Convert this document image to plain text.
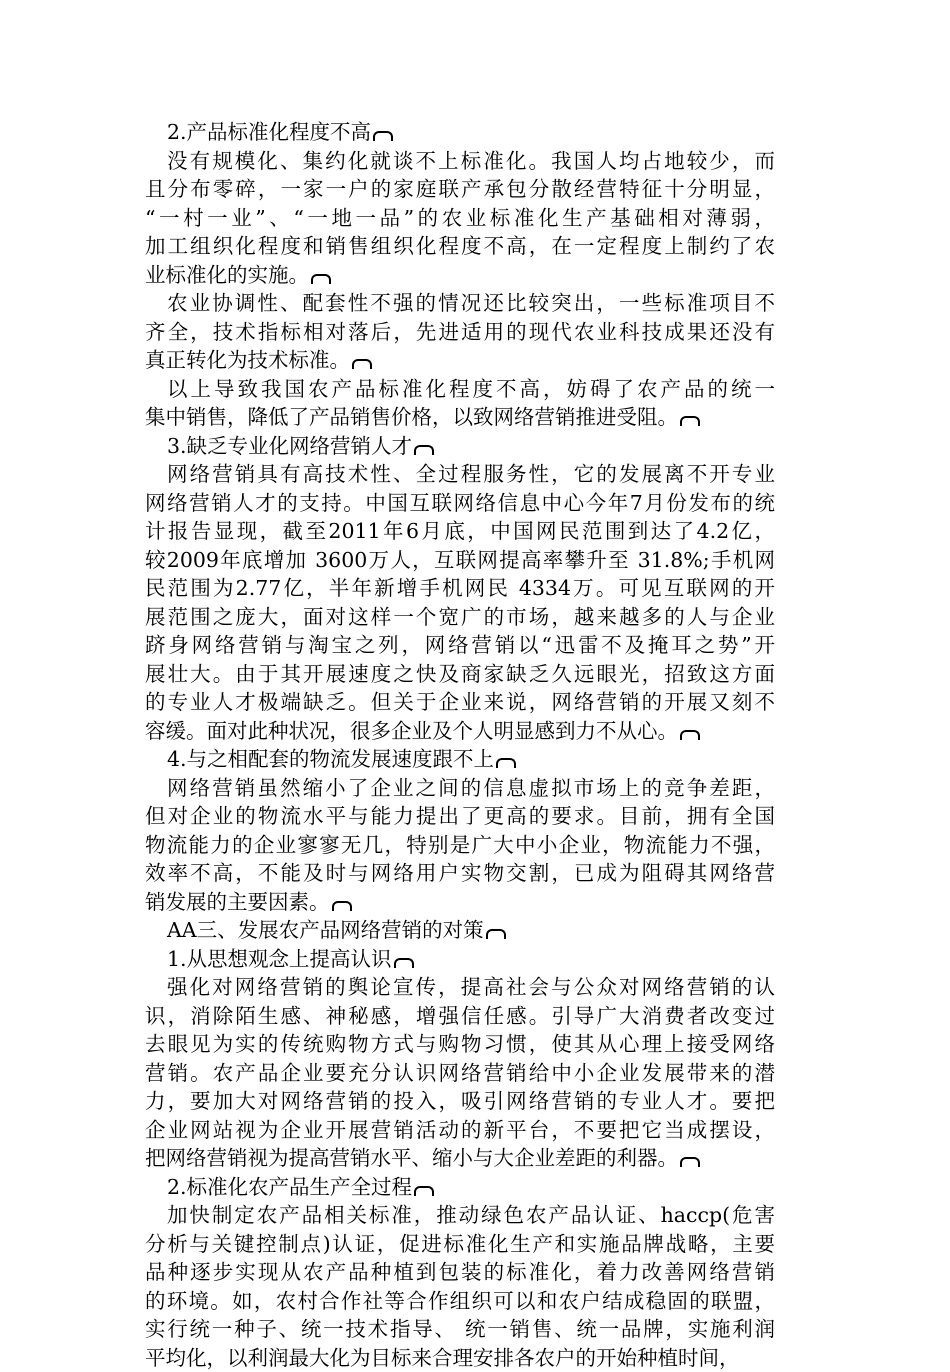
2.产品标准化程度不高
没有规模化、集约化就谈不上标准化。我国人均占地较少，而
且分布零碎，一家一户的家庭联产承包分散经营特征十分明显，
“一村一业”、“一地一品”的农业标准化生产基础相对薄弱，
加工组织化程度和销售组织化程度不高，在一定程度上制约了农
业标准化的实施。
农业协调性、配套性不强的情况还比较突出，一些标准项目不
齐全，技术指标相对落后，先进适用的现代农业科技成果还没有
真正转化为技术标准。
以上导致我国农产品标准化程度不高，妨碍了农产品的统一
集中销售，降低了产品销售价格，以致网络营销推进受阻。
3.缺乏专业化网络营销人才
网络营销具有高技术性、全过程服务性，它的发展离不开专业
网络营销人才的支持。中国互联网络信息中心今年7月份发布的统
计报告显现，截至2011年6月底，中国网民范围到达了4.2亿，
较2009年底增加 3600万人，互联网提高率攀升至 31.8%;手机网
民范围为2.77亿，半年新增手机网民 4334万。可见互联网的开
展范围之庞大，面对这样一个宽广的市场，越来越多的人与企业
跻身网络营销与淘宝之列，网络营销以“迅雷不及掩耳之势”开
展壮大。由于其开展速度之快及商家缺乏久远眼光，招致这方面
的专业人才极端缺乏。但关于企业来说，网络营销的开展又刻不
容缓。面对此种状况，很多企业及个人明显感到力不从心。
4.与之相配套的物流发展速度跟不上
网络营销虽然缩小了企业之间的信息虚拟市场上的竞争差距，
但对企业的物流水平与能力提出了更高的要求。目前，拥有全国
物流能力的企业寥寥无几，特别是广大中小企业，物流能力不强，
效率不高，不能及时与网络用户实物交割，已成为阻碍其网络营
销发展的主要因素。
AA三、发展农产品网络营销的对策
1.从思想观念上提高认识
强化对网络营销的舆论宣传，提高社会与公众对网络营销的认
识，消除陌生感、神秘感，增强信任感。引导广大消费者改变过
去眼见为实的传统购物方式与购物习惯，使其从心理上接受网络
营销。农产品企业要充分认识网络营销给中小企业发展带来的潜
力，要加大对网络营销的投入，吸引网络营销的专业人才。要把
企业网站视为企业开展营销活动的新平台，不要把它当成摆设，
把网络营销视为提高营销水平、缩小与大企业差距的利器。
2.标准化农产品生产全过程
加快制定农产品相关标准，推动绿色农产品认证、haccp(危害
分析与关键控制点)认证，促进标准化生产和实施品牌战略，主要
品种逐步实现从农产品种植到包装的标准化，着力改善网络营销
的环境。如，农村合作社等合作组织可以和农户结成稳固的联盟，
实行统一种子、统一技术指导、 统一销售、统一品牌，实施利润
平均化，以利润最大化为目标来合理安排各农户的开始种植时间，
